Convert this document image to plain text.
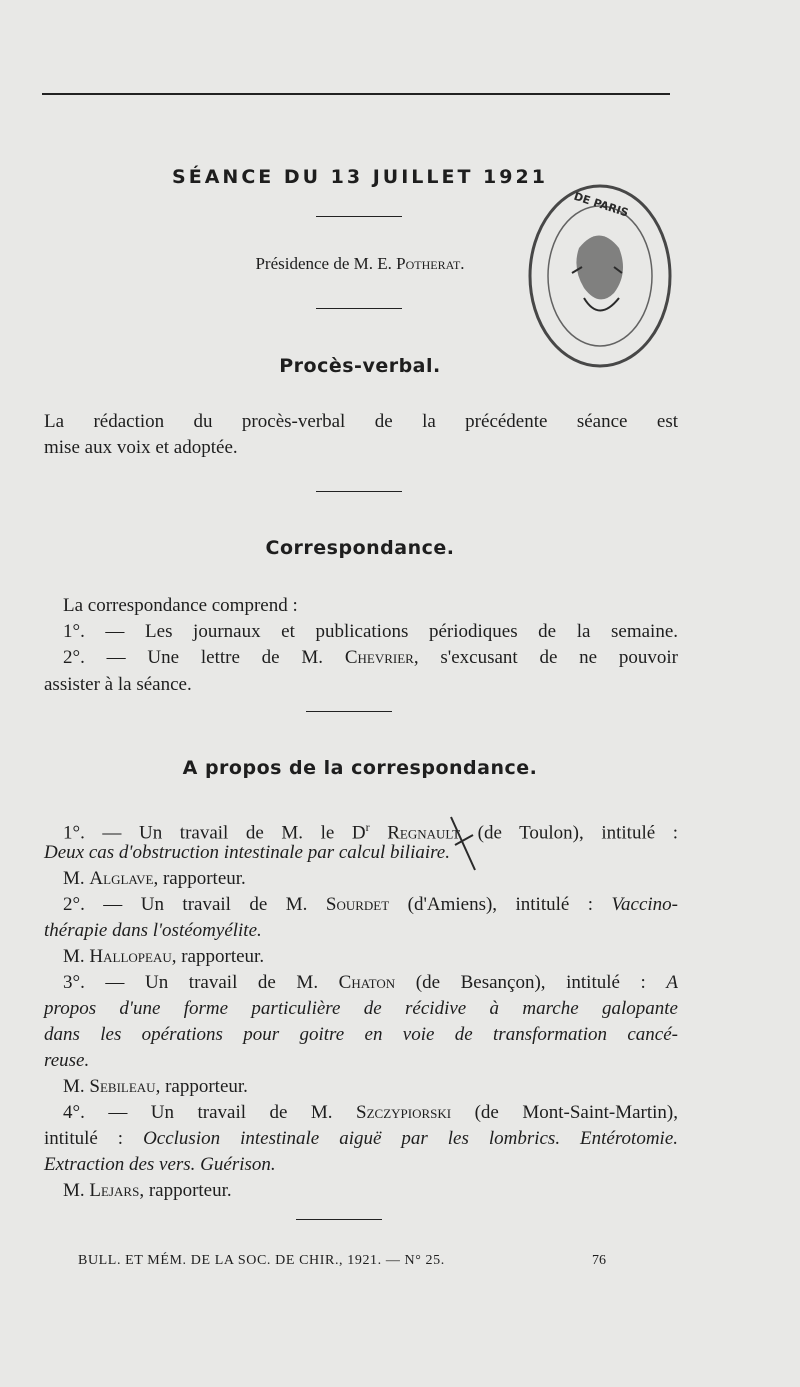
SÉANCE DU 13 JUILLET 1921
Présidence de M. E. Potherat.
DE PARIS
Procès-verbal.
La rédaction du procès-verbal de la précédente séance est
mise aux voix et adoptée.
Correspondance.
La correspondance comprend :
1°. — Les journaux et publications périodiques de la semaine.
2°. — Une lettre de M. Chevrier, s'excusant de ne pouvoir
assister à la séance.
A propos de la correspondance.
1°. — Un travail de M. le $D^r$ Regnault (de Toulon), intitulé :
Deux cas d'obstruction intestinale par calcul biliaire.
M. Alglave, rapporteur.
2°. — Un travail de M. Sourdet (d'Amiens), intitulé : Vaccino-
thérapie dans l'ostéomyélite.
M. Hallopeau, rapporteur.
3°. — Un travail de M. Chaton (de Besançon), intitulé : A
propos d'une forme particulière de récidive à marche galopante
dans les opérations pour goitre en voie de transformation cancé-
reuse.
M. Sebileau, rapporteur.
4°. — Un travail de M. Szczypiorski (de Mont-Saint-Martin),
intitulé : Occlusion intestinale aiguë par les lombrics. Entérotomie.
Extraction des vers. Guérison.
M. Lejars, rapporteur.
BULL. ET MÉM. DE LA SOC. DE CHIR., 1921. — N° 25.	76
